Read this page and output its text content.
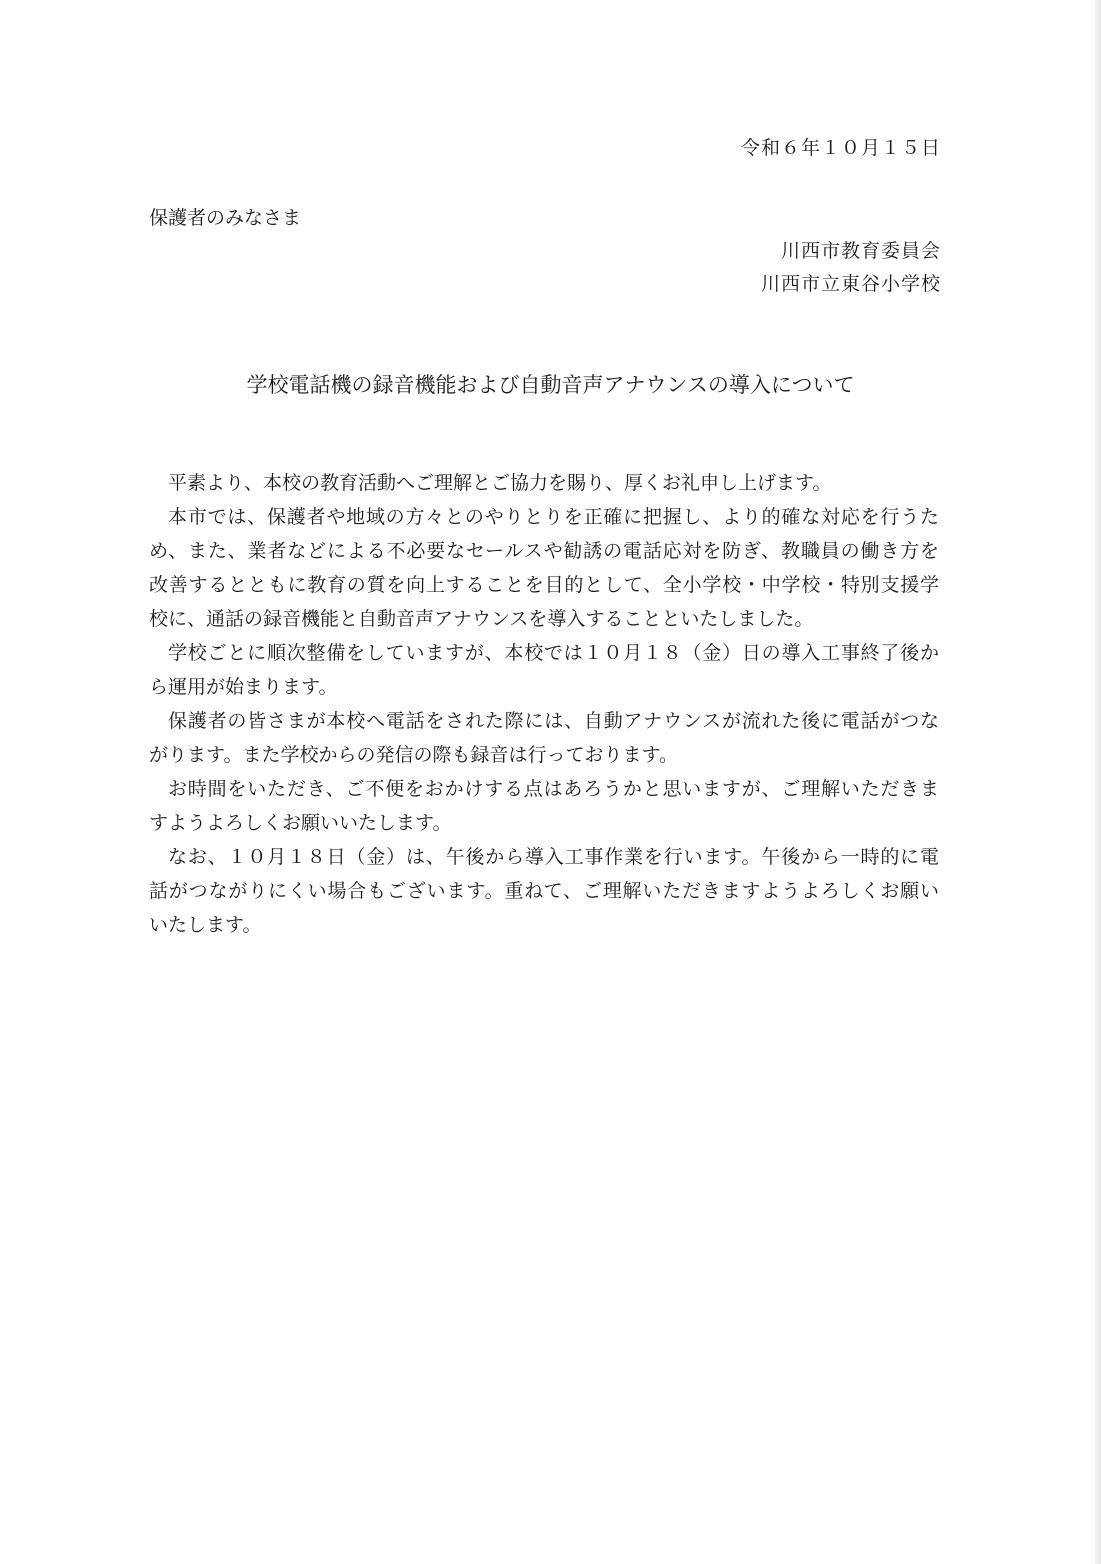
令和６年１０月１５日
保護者のみなさま
川西市教育委員会
川西市立東谷小学校
学校電話機の録音機能および自動音声アナウンスの導入について
平素より、本校の教育活動へご理解とご協力を賜り、厚くお礼申し上げます。
本市では、保護者や地域の方々とのやりとりを正確に把握し、より的確な対応を行うた
め、また、業者などによる不必要なセールスや勧誘の電話応対を防ぎ、教職員の働き方を
改善するとともに教育の質を向上することを目的として、全小学校・中学校・特別支援学
校に、通話の録音機能と自動音声アナウンスを導入することといたしました。
学校ごとに順次整備をしていますが、本校では１０月１８（金）日の導入工事終了後か
ら運用が始まります。
保護者の皆さまが本校へ電話をされた際には、自動アナウンスが流れた後に電話がつな
がります。また学校からの発信の際も録音は行っております。
お時間をいただき、ご不便をおかけする点はあろうかと思いますが、ご理解いただきま
すようよろしくお願いいたします。
なお、１０月１８日（金）は、午後から導入工事作業を行います。午後から一時的に電
話がつながりにくい場合もございます。重ねて、ご理解いただきますようよろしくお願い
いたします。
